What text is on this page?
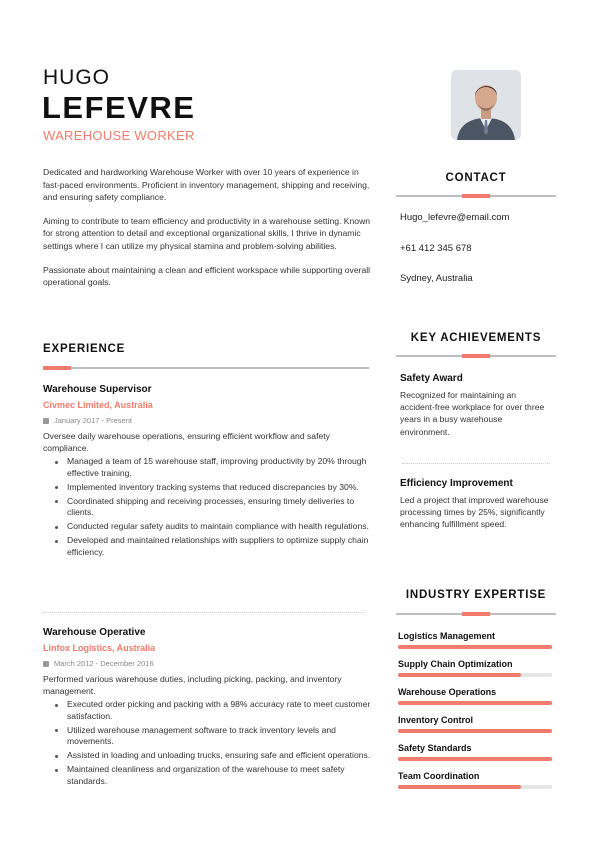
HUGO
LEFEVRE
WAREHOUSE WORKER

Dedicated and hardworking Warehouse Worker with over 10 years of experience in fast-paced environments. Proficient in inventory management, shipping and receiving, and ensuring safety compliance.

Aiming to contribute to team efficiency and productivity in a warehouse setting. Known for strong attention to detail and exceptional organizational skills, I thrive in dynamic settings where I can utilize my physical stamina and problem-solving abilities.

Passionate about maintaining a clean and efficient workspace while supporting overall operational goals.

EXPERIENCE
Warehouse Supervisor
Civmec Limited, Australia
January 2017 - Present
Oversee daily warehouse operations, ensuring efficient workflow and safety compliance.
Managed a team of 15 warehouse staff, improving productivity by 20% through effective training.
Implemented inventory tracking systems that reduced discrepancies by 30%.
Coordinated shipping and receiving processes, ensuring timely deliveries to clients.
Conducted regular safety audits to maintain compliance with health regulations.
Developed and maintained relationships with suppliers to optimize supply chain efficiency.
Warehouse Operative
Linfox Logistics, Australia
March 2012 - December 2016
Performed various warehouse duties, including picking, packing, and inventory management.
Executed order picking and packing with a 98% accuracy rate to meet customer satisfaction.
Utilized warehouse management software to track inventory levels and movements.
Assisted in loading and unloading trucks, ensuring safe and efficient operations.
Maintained cleanliness and organization of the warehouse to meet safety standards.
CONTACT
Hugo_lefevre@email.com
+61 412 345 678
Sydney, Australia
KEY ACHIEVEMENTS
Safety Award
Recognized for maintaining an accident-free workplace for over three years in a busy warehouse environment.
Efficiency Improvement
Led a project that improved warehouse processing times by 25%, significantly enhancing fulfillment speed.
INDUSTRY EXPERTISE
Logistics Management
Supply Chain Optimization
Warehouse Operations
Inventory Control
Safety Standards
Team Coordination
